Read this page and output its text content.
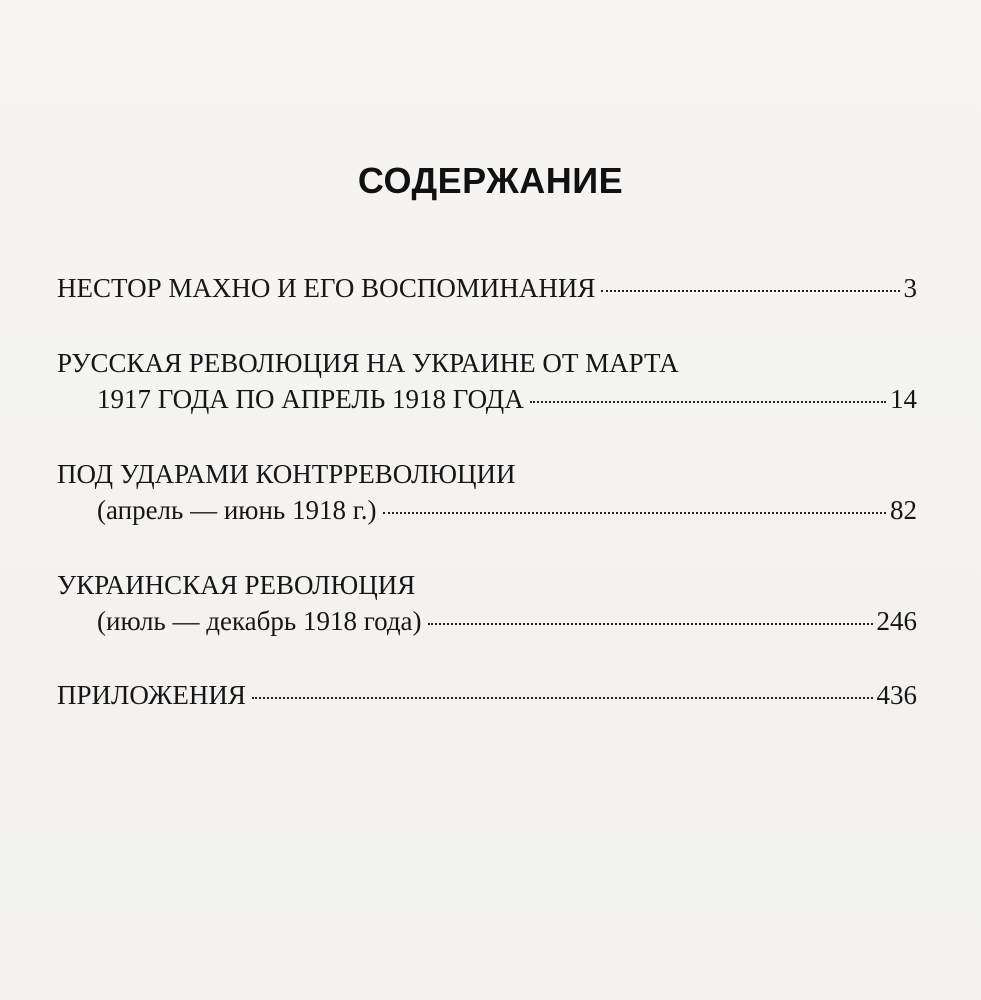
СОДЕРЖАНИЕ
НЕСТОР МАХНО И ЕГО ВОСПОМИНАНИЯ	3
РУССКАЯ РЕВОЛЮЦИЯ НА УКРАИНЕ ОТ МАРТА
1917 ГОДА ПО АПРЕЛЬ 1918 ГОДА	14
ПОД УДАРАМИ КОНТРРЕВОЛЮЦИИ
(апрель — июнь 1918 г.)	82
УКРАИНСКАЯ РЕВОЛЮЦИЯ
(июль — декабрь 1918 года)	246
ПРИЛОЖЕНИЯ	436
